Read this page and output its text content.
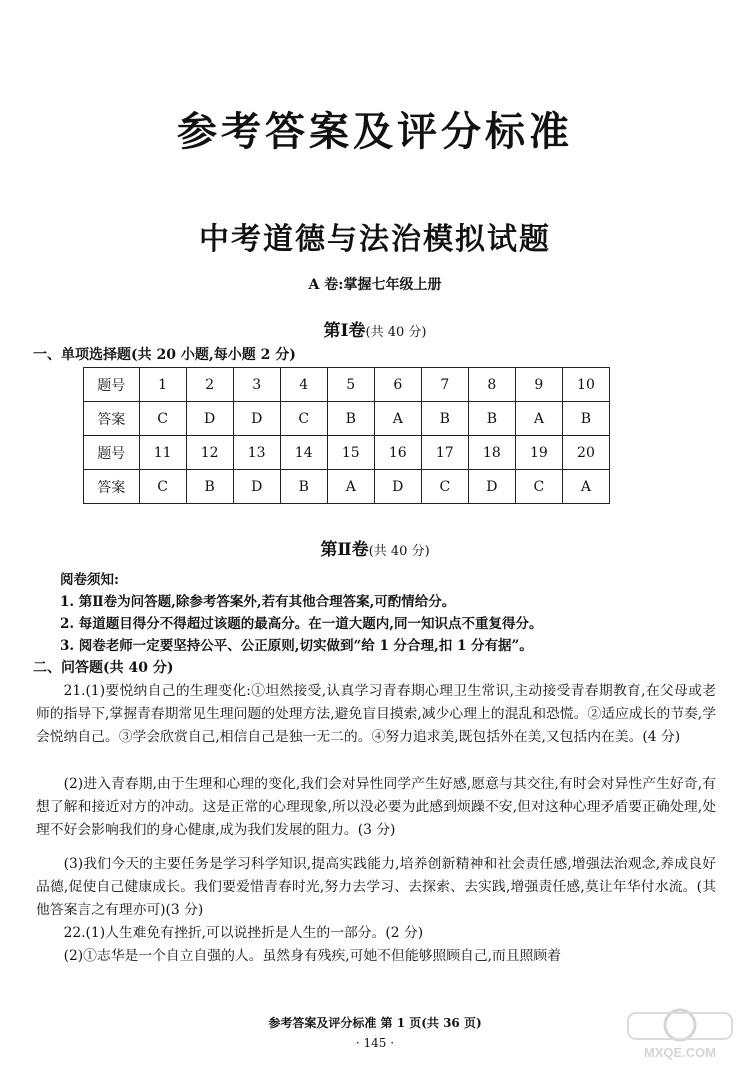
参考答案及评分标准
中考道德与法治模拟试题
A 卷:掌握七年级上册
第Ⅰ卷(共 40 分)
一、单项选择题(共 20 小题,每小题 2 分)
题号	1	2	3	4	5	6	7	8	9	10
答案	C	D	D	C	B	A	B	B	A	B
题号	11	12	13	14	15	16	17	18	19	20
答案	C	B	D	B	A	D	C	D	C	A
第Ⅱ卷(共 40 分)
阅卷须知:
1. 第Ⅱ卷为问答题,除参考答案外,若有其他合理答案,可酌情给分。
2. 每道题目得分不得超过该题的最高分。在一道大题内,同一知识点不重复得分。
3. 阅卷老师一定要坚持公平、公正原则,切实做到“给 1 分合理,扣 1 分有据”。
二、问答题(共 40 分)
21.(1)要悦纳自己的生理变化:①坦然接受,认真学习青春期心理卫生常识,主动接受青春期教育,在父母或老师的指导下,掌握青春期常见生理问题的处理方法,避免盲目摸索,减少心理上的混乱和恐慌。②适应成长的节奏,学会悦纳自己。③学会欣赏自己,相信自己是独一无二的。④努力追求美,既包括外在美,又包括内在美。(4 分)
(2)进入青春期,由于生理和心理的变化,我们会对异性同学产生好感,愿意与其交往,有时会对异性产生好奇,有想了解和接近对方的冲动。这是正常的心理现象,所以没必要为此感到烦躁不安,但对这种心理矛盾要正确处理,处理不好会影响我们的身心健康,成为我们发展的阻力。(3 分)
(3)我们今天的主要任务是学习科学知识,提高实践能力,培养创新精神和社会责任感,增强法治观念,养成良好品德,促使自己健康成长。我们要爱惜青春时光,努力去学习、去探索、去实践,增强责任感,莫让年华付水流。(其他答案言之有理亦可)(3 分)
22.(1)人生难免有挫折,可以说挫折是人生的一部分。(2 分)
(2)①志华是一个自立自强的人。虽然身有残疾,可她不但能够照顾自己,而且照顾着
参考答案及评分标准 第 1 页(共 36 页)
· 145 ·
MXQE.COM
